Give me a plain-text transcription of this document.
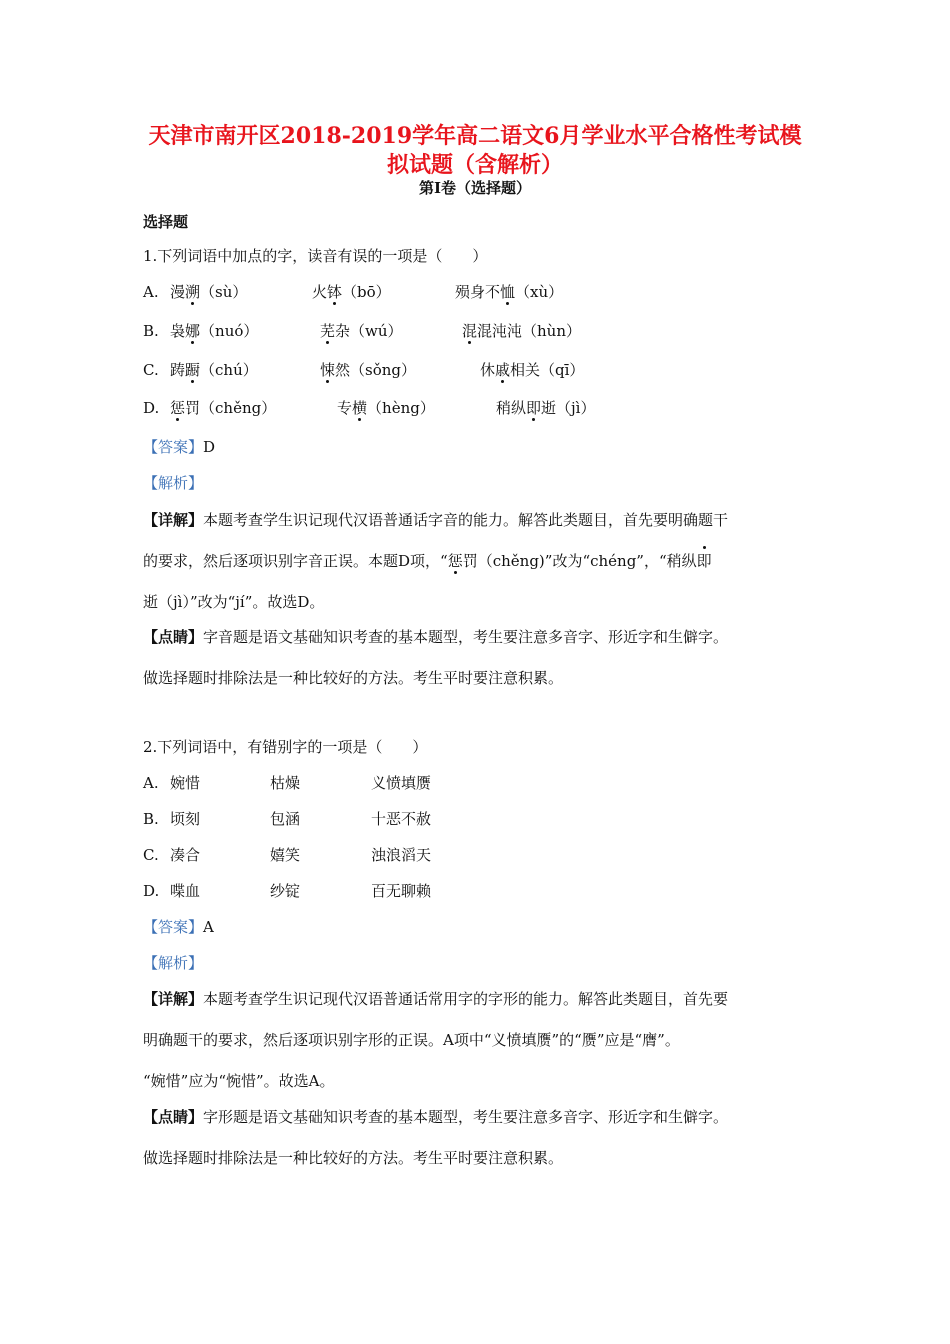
天津市南开区2018-2019学年高二语文6月学业水平合格性考试模
拟试题（含解析）
第Ⅰ卷（选择题）
选择题
1.下列词语中加点的字，读音有误的一项是（　　）
A. 漫溯（sù）	火钵（bō）	殒身不恤（xù）
B. 袅娜（nuó）	芜杂（wú）	混混沌沌（hùn）
C. 踌蹰（chú）	悚然（sǒng）	休戚相关（qī）
D. 惩罚（chěng）	专横（hèng）	稍纵即逝（jì）
【答案】D
【解析】
【详解】本题考查学生识记现代汉语普通话字音的能力。解答此类题目，首先要明确题干
的要求，然后逐项识别字音正误。本题D项，“惩罚（chěng)”改为“chéng”，“稍纵即
逝（jì）”改为“jí”。故选D。
【点睛】字音题是语文基础知识考查的基本题型，考生要注意多音字、形近字和生僻字。
做选择题时排除法是一种比较好的方法。考生平时要注意积累。
2.下列词语中，有错别字的一项是（　　）
A. 婉惜	枯燥	义愤填赝
B. 顷刻	包涵	十恶不赦
C. 凑合	嬉笑	浊浪滔天
D. 喋血	纱锭	百无聊赖
【答案】A
【解析】
【详解】本题考查学生识记现代汉语普通话常用字的字形的能力。解答此类题目，首先要
明确题干的要求，然后逐项识别字形的正误。A项中“义愤填赝”的“赝”应是“膺”。
“婉惜”应为“惋惜”。故选A。
【点睛】字形题是语文基础知识考查的基本题型，考生要注意多音字、形近字和生僻字。
做选择题时排除法是一种比较好的方法。考生平时要注意积累。
